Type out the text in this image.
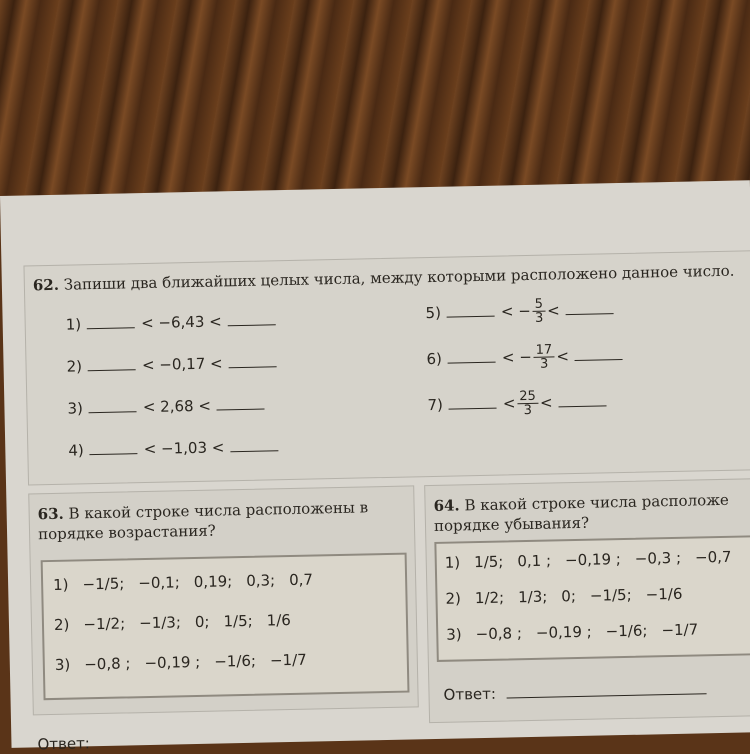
62. Запиши два ближайших целых числа, между которыми расположено данное число.
1)	< −6,43 <
2)	< −0,17 <
3)	< 2,68 <
4)	< −1,03 <
5)	< − $\frac{5}{3}$ <
6)	< − $\frac{17}{3}$ <
7)	< $\frac{25}{3}$ <
63. В какой строке числа расположены в порядке возрастания?
1) −1/5; −0,1; 0,19; 0,3; 0,7
2) −1/2; −1/3; 0; 1/5; 1/6
3) −0,8 ; −0,19 ; −1/6; −1/7
64. В какой строке числа расположе порядке убывания?
1) 1/5; 0,1 ; −0,19 ; −0,3 ; −0,7
2) 1/2; 1/3; 0; −1/5; −1/6
3) −0,8 ; −0,19 ; −1/6; −1/7
Ответ:
Ответ:
